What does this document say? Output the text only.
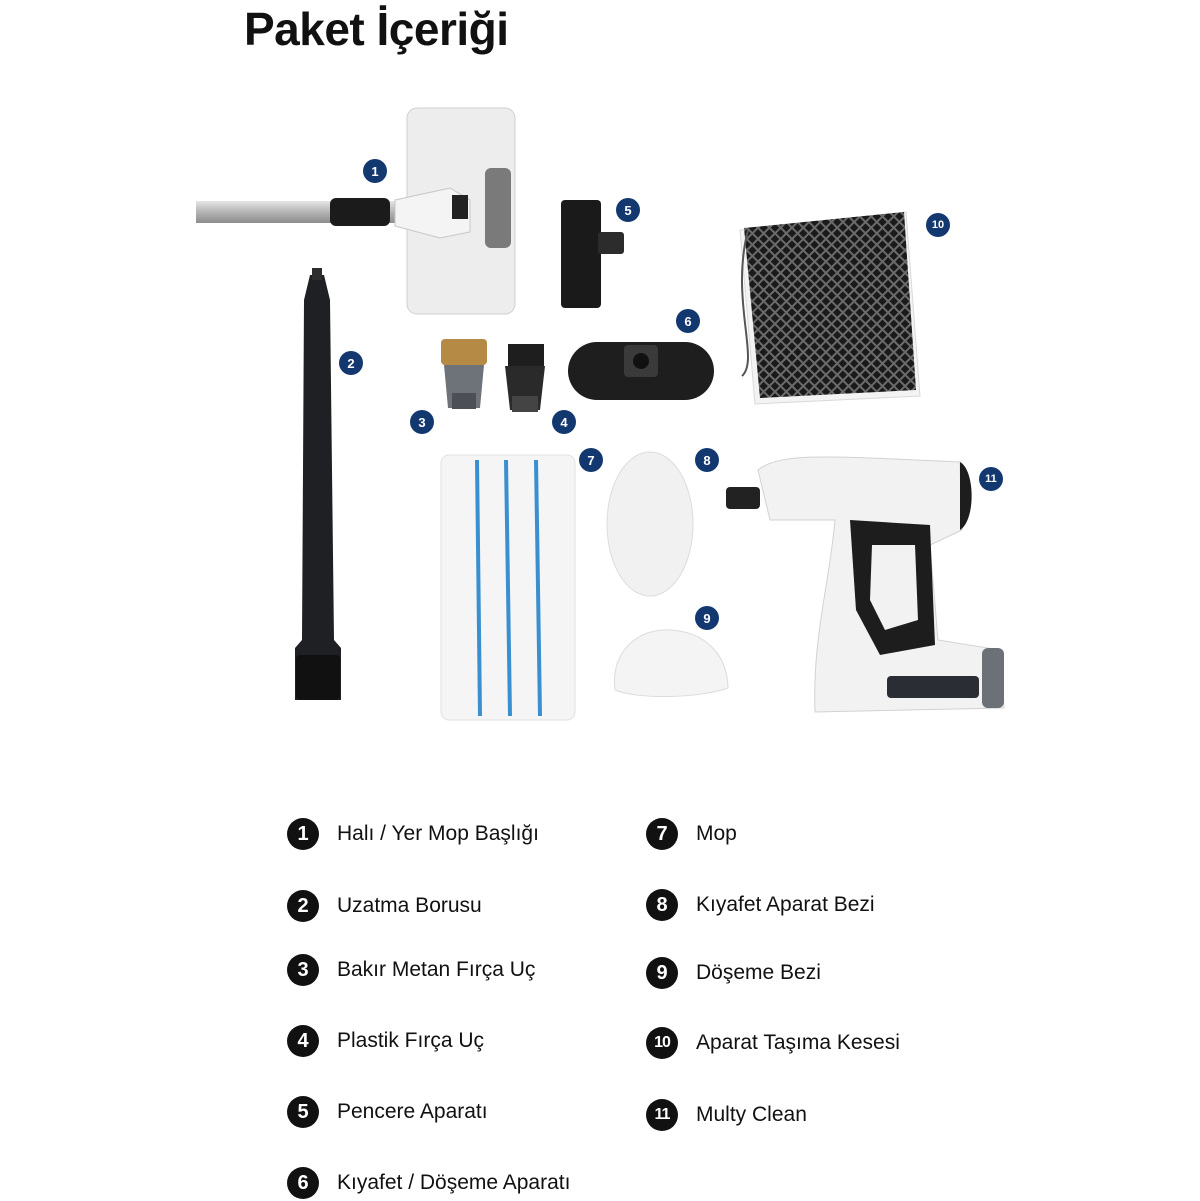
Paket İçeriği
1
2
3	4
5
6
7	8
9
10
11
1	Halı / Yer Mop Başlığı
2	Uzatma Borusu
3	Bakır Metan Fırça Uç
4	Plastik Fırça Uç
5	Pencere Aparatı
6	Kıyafet / Döşeme Aparatı
7	Mop
8	Kıyafet Aparat Bezi
9	Döşeme Bezi
10	Aparat Taşıma Kesesi
11	Multy Clean
